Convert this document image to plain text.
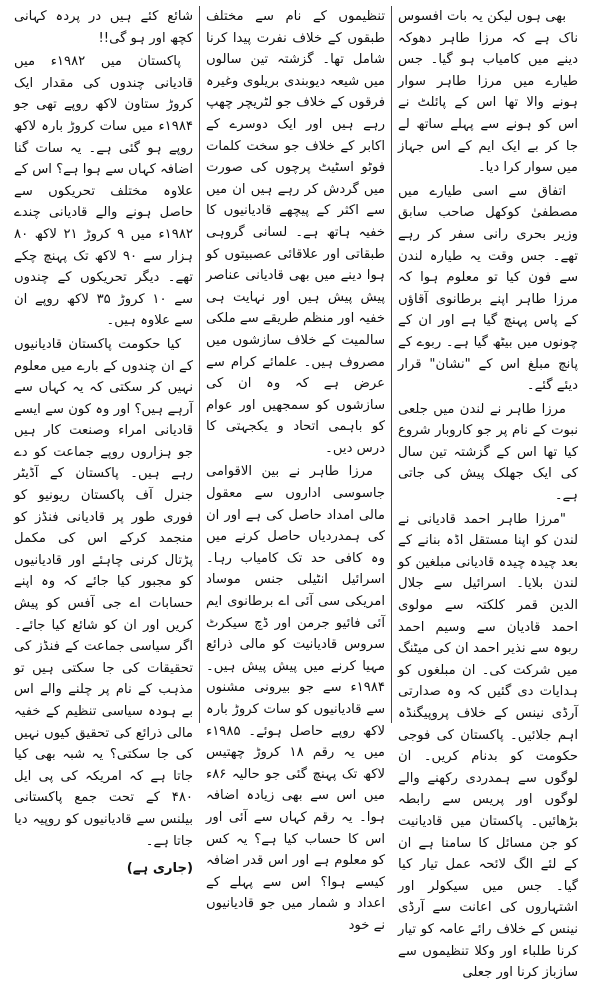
بھی ہوں لیکن یہ بات افسوس ناک ہے کہ مرزا طاہر دھوکہ دینے میں کامیاب ہو گیا۔ جس طیارے میں مرزا طاہر سوار ہونے والا تھا اس کے پائلٹ نے اس کو ہونے سے پہلے ساتھ لے جا کر بے ایک ایم کے اس جہاز میں سوار کرا دیا۔

اتفاق سے اسی طیارے میں مصطفیٰ کوکھل صاحب سابق وزیر بحری رانی سفر کر رہے تھے۔ جس وقت یہ طیارہ لندن سے فون کیا تو معلوم ہوا کہ مرزا طاہر اپنے برطانوی آقاؤں کے پاس پہنچ گیا ہے اور ان کے چونوں میں بیٹھ گیا ہے۔ ربوے کے پانچ مبلغ اس کے "نشان" قرار دیئے گئے۔

مرزا طاہر نے لندن میں جلعی نبوت کے نام پر جو کاروبار شروع کیا تھا اس کے گزشتہ تین سال کی ایک جھلک پیش کی جاتی ہے۔

"مرزا طاہر احمد قادیانی نے لندن کو اپنا مستقل اڈہ بنانے کے بعد چیدہ چیدہ قادیانی مبلغین کو لندن بلایا۔ اسرائیل سے جلال الدین قمر کلکتہ سے مولوی احمد قادیان سے وسیم احمد ربوہ سے نذیر احمد ان کی میٹنگ میں شرکت کی۔ ان مبلغوں کو ہدایات دی گئیں کہ وہ صدارتی آرڈی نینس کے خلاف پروپیگنڈہ اہم جلائیں۔ پاکستان کی فوجی حکومت کو بدنام کریں۔ ان لوگوں سے ہمدردی رکھنے والے لوگوں اور پریس سے رابطہ بڑھائیں۔ پاکستان میں قادیانیت کو جن مسائل کا سامنا ہے ان کے لئے الگ لائحہ عمل تیار کیا گیا۔ جس میں سیکولر اور اشتہاروں کی اعانت سے آرڈی نینس کے خلاف رائے عامہ کو تیار کرنا طلباء اور وکلا تنظیموں سے سازباز کرنا اور جعلی

تنظیموں کے نام سے مختلف طبقوں کے خلاف نفرت پیدا کرنا شامل تھا۔ گزشتہ تین سالوں میں شیعہ دیوبندی بریلوی وغیرہ فرقوں کے خلاف جو لٹریچر چھپ رہے ہیں اور ایک دوسرے کے اکابر کے خلاف جو سخت کلمات فوٹو اسٹیٹ پرچوں کی صورت میں گردش کر رہے ہیں ان میں سے اکثر کے پیچھے قادیانیوں کا خفیہ ہاتھ ہے۔ لسانی گروہی طبقاتی اور علاقائی عصبیتوں کو ہوا دینے میں بھی قادیانی عناصر پیش پیش ہیں اور نہایت ہی خفیہ اور منظم طریقے سے ملکی سالمیت کے خلاف سازشوں میں مصروف ہیں۔ علمائے کرام سے عرض ہے کہ وہ ان کی سازشوں کو سمجھیں اور عوام کو باہمی اتحاد و یکجہتی کا درس دیں۔

مرزا طاہر نے بین الاقوامی جاسوسی اداروں سے معقول مالی امداد حاصل کی ہے اور ان کی ہمدردیاں حاصل کرنے میں وہ کافی حد تک کامیاب رہا۔ اسرائیل انٹیلی جنس موساد امریکی سی آئی اے برطانوی ایم آئی فائیو جرمن اور ڈچ سیکرٹ سروس قادیانیت کو مالی ذرائع مہیا کرنے میں پیش پیش ہیں۔ ۱۹۸۴ء سے جو بیرونی مشنوں سے قادیانیوں کو سات کروڑ بارہ لاکھ روپے حاصل ہوئے۔ ۱۹۸۵ء میں یہ رقم ۱۸ کروڑ چھتیس لاکھ تک پہنچ گئی جو حالیہ ۸۶ء میں اس سے بھی زیادہ اضافہ ہوا۔ یہ رقم کہاں سے آئی اور اس کا حساب کیا ہے؟ یہ کس کو معلوم ہے اور اس قدر اضافہ کیسے ہوا؟ اس سے پہلے کے اعداد و شمار میں جو قادیانیوں نے خود

شائع کئے ہیں در پردہ کہانی کچھ اور ہو گی!!

پاکستان میں ۱۹۸۲ء میں قادیانی چندوں کی مقدار ایک کروڑ ستاون لاکھ روپے تھی جو ۱۹۸۴ء میں سات کروڑ بارہ لاکھ روپے ہو گئی ہے۔ یہ سات گنا اضافہ کہاں سے ہوا ہے؟ اس کے علاوہ مختلف تحریکوں سے حاصل ہونے والے قادیانی چندے ۱۹۸۲ء میں ۹ کروڑ ۲۱ لاکھ ۸۰ ہزار سے ۹۰ لاکھ تک پہنچ چکے تھے۔ دیگر تحریکوں کے چندوں سے ۱۰ کروڑ ۳۵ لاکھ روپے ان سے علاوہ ہیں۔

کیا حکومت پاکستان قادیانیوں کے ان چندوں کے بارے میں معلوم نہیں کر سکتی کہ یہ کہاں سے آرہے ہیں؟ اور وہ کون سے ایسے قادیانی امراء وصنعت کار ہیں جو ہزاروں روپے جماعت کو دے رہے ہیں۔ پاکستان کے آڈیٹر جنرل آف پاکستان ریونیو کو فوری طور پر قادیانی فنڈز کو منجمد کرکے اس کی مکمل پڑتال کرنی چاہئے اور قادیانیوں کو مجبور کیا جائے کہ وہ اپنے حسابات اے جی آفس کو پیش کریں اور ان کو شائع کیا جائے۔ اگر سیاسی جماعت کے فنڈز کی تحقیقات کی جا سکتی ہیں تو مذہب کے نام پر چلنے والے اس بے ہودہ سیاسی تنظیم کے خفیہ مالی ذرائع کی تحقیق کیوں نہیں کی جا سکتی؟ یہ شبہ بھی کیا جاتا ہے کہ امریکہ کی پی ایل ۴۸۰ کے تحت جمع پاکستانی بیلنس سے قادیانیوں کو روپیہ دیا جاتا ہے۔

(جاری ہے)
